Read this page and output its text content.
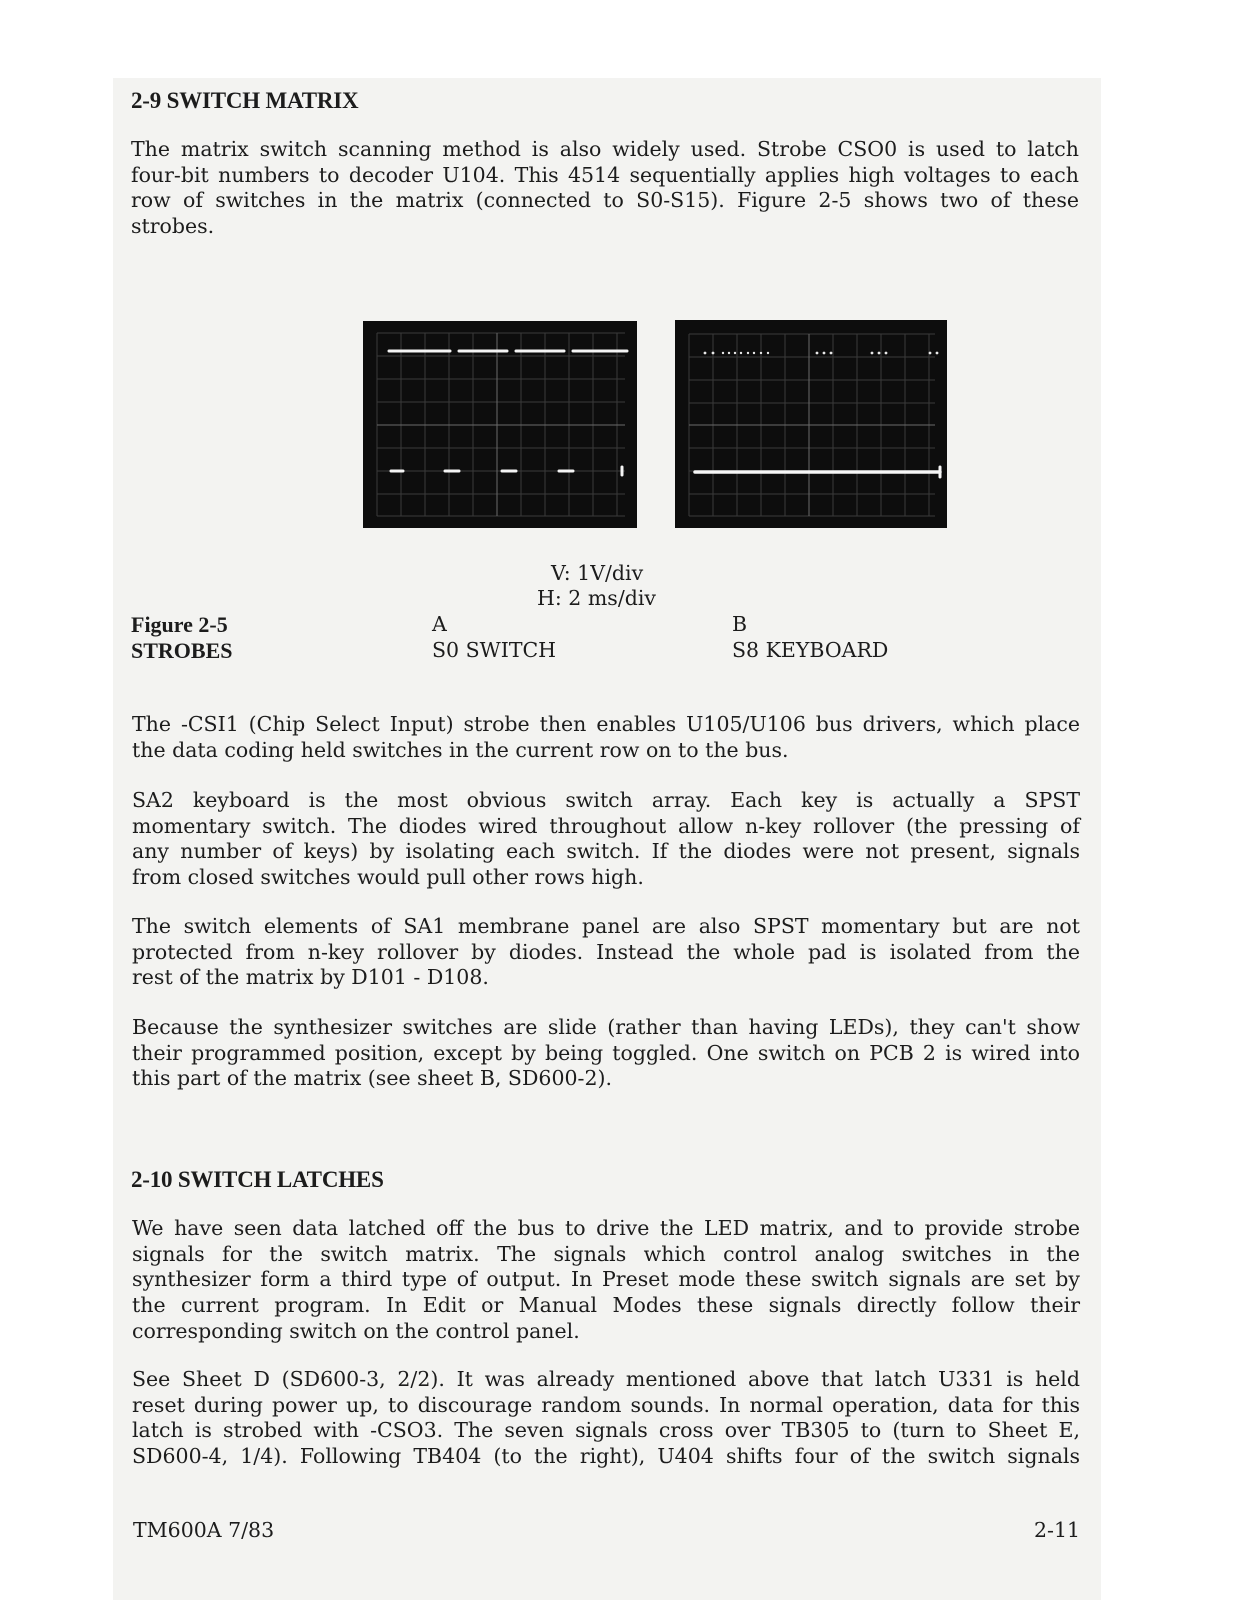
2-9 SWITCH MATRIX
The matrix switch scanning method is also widely used. Strobe CSO0 is used to latch
four-bit numbers to decoder U104. This 4514 sequentially applies high voltages to each
row of switches in the matrix (connected to S0-S15). Figure 2-5 shows two of these
strobes.
V: 1V/div
H: 2 ms/div
Figure 2-5
STROBES
A
S0 SWITCH
B
S8 KEYBOARD
The -CSI1 (Chip Select Input) strobe then enables U105/U106 bus drivers, which place
the data coding held switches in the current row on to the bus.
SA2 keyboard is the most obvious switch array. Each key is actually a SPST
momentary switch. The diodes wired throughout allow n-key rollover (the pressing of
any number of keys) by isolating each switch. If the diodes were not present, signals
from closed switches would pull other rows high.
The switch elements of SA1 membrane panel are also SPST momentary but are not
protected from n-key rollover by diodes. Instead the whole pad is isolated from the
rest of the matrix by D101 - D108.
Because the synthesizer switches are slide (rather than having LEDs), they can't show
their programmed position, except by being toggled. One switch on PCB 2 is wired into
this part of the matrix (see sheet B, SD600-2).
2-10 SWITCH LATCHES
We have seen data latched off the bus to drive the LED matrix, and to provide strobe
signals for the switch matrix. The signals which control analog switches in the
synthesizer form a third type of output. In Preset mode these switch signals are set by
the current program. In Edit or Manual Modes these signals directly follow their
corresponding switch on the control panel.
See Sheet D (SD600-3, 2/2). It was already mentioned above that latch U331 is held
reset during power up, to discourage random sounds. In normal operation, data for this
latch is strobed with -CSO3. The seven signals cross over TB305 to (turn to Sheet E,
SD600-4, 1/4). Following TB404 (to the right), U404 shifts four of the switch signals
TM600A 7/83	2-11
